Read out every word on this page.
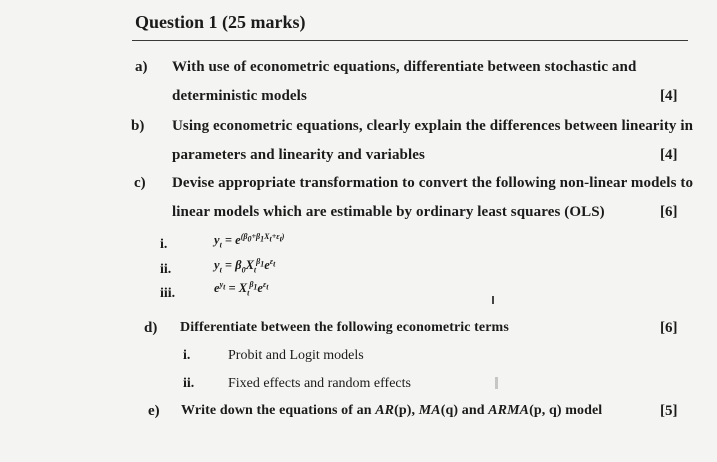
Question 1 (25 marks)
a) With use of econometric equations, differentiate between stochastic and
deterministic models	[4]
b) Using econometric equations, clearly explain the differences between linearity in
parameters and linearity and variables	[4]
c) Devise appropriate transformation to convert the following non-linear models to
linear models which are estimable by ordinary least squares (OLS)	[6]
i.	$y_t = e^{(\beta_0+\beta_1X_t+\varepsilon_t)}$
ii.	$y_t = \beta_0X_t^{\beta_1}e^{\varepsilon_t}$
iii.	$e^{y_t} = X_t^{\beta_1}e^{\varepsilon_t}$
d) Differentiate between the following econometric terms	[6]
i.	Probit and Logit models
ii. Fixed effects and random effects
e) Write down the equations of an AR(p), MA(q) and ARMA(p, q) model	[5]
